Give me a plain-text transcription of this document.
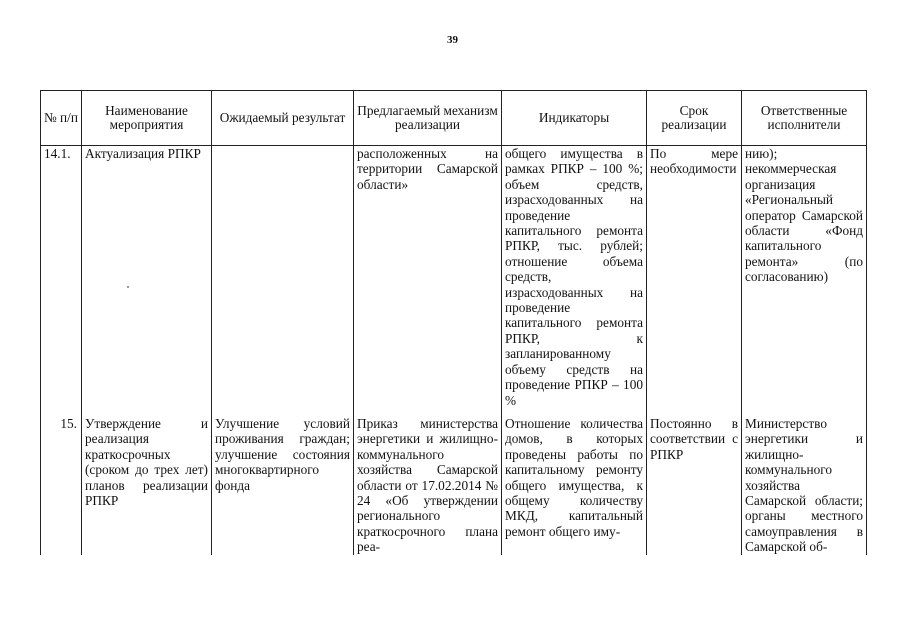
39
№ п/п	Наименование мероприятия	Ожидаемый результат	Предлагаемый механизм реализации	Индикаторы	Срок реализации	Ответственные исполнители
14.1.	Актуализация РПКР		расположенных на территории Самарской области»	общего имущества в рамках РПКР – 100 %; объем средств, израсходованных на проведение капитального ремонта РПКР, тыс. рублей; отношение объема средств, израсходованных на проведение капитального ремонта РПКР, к запланированному объему средств на проведение РПКР – 100 %	По мере необходимости	нию); некоммерческая организация «Региональный оператор Самарской области «Фонд капитального ремонта» (по согласованию)
15.	Утверждение и реализация краткосрочных (сроком до трех лет) планов реализации РПКР	Улучшение условий проживания граждан; улучшение состояния многоквартирного фонда	Приказ министерства энергетики и жилищно-коммунального хозяйства Самарской области от 17.02.2014 № 24 «Об утверждении регионального краткосрочного плана реа-	Отношение количества домов, в которых проведены работы по капитальному ремонту общего имущества, к общему количеству МКД, капитальный ремонт общего иму-	Постоянно в соответствии с РПКР	Министерство энергетики и жилищно-коммунального хозяйства Самарской области; органы местного самоуправления в Самарской об-
